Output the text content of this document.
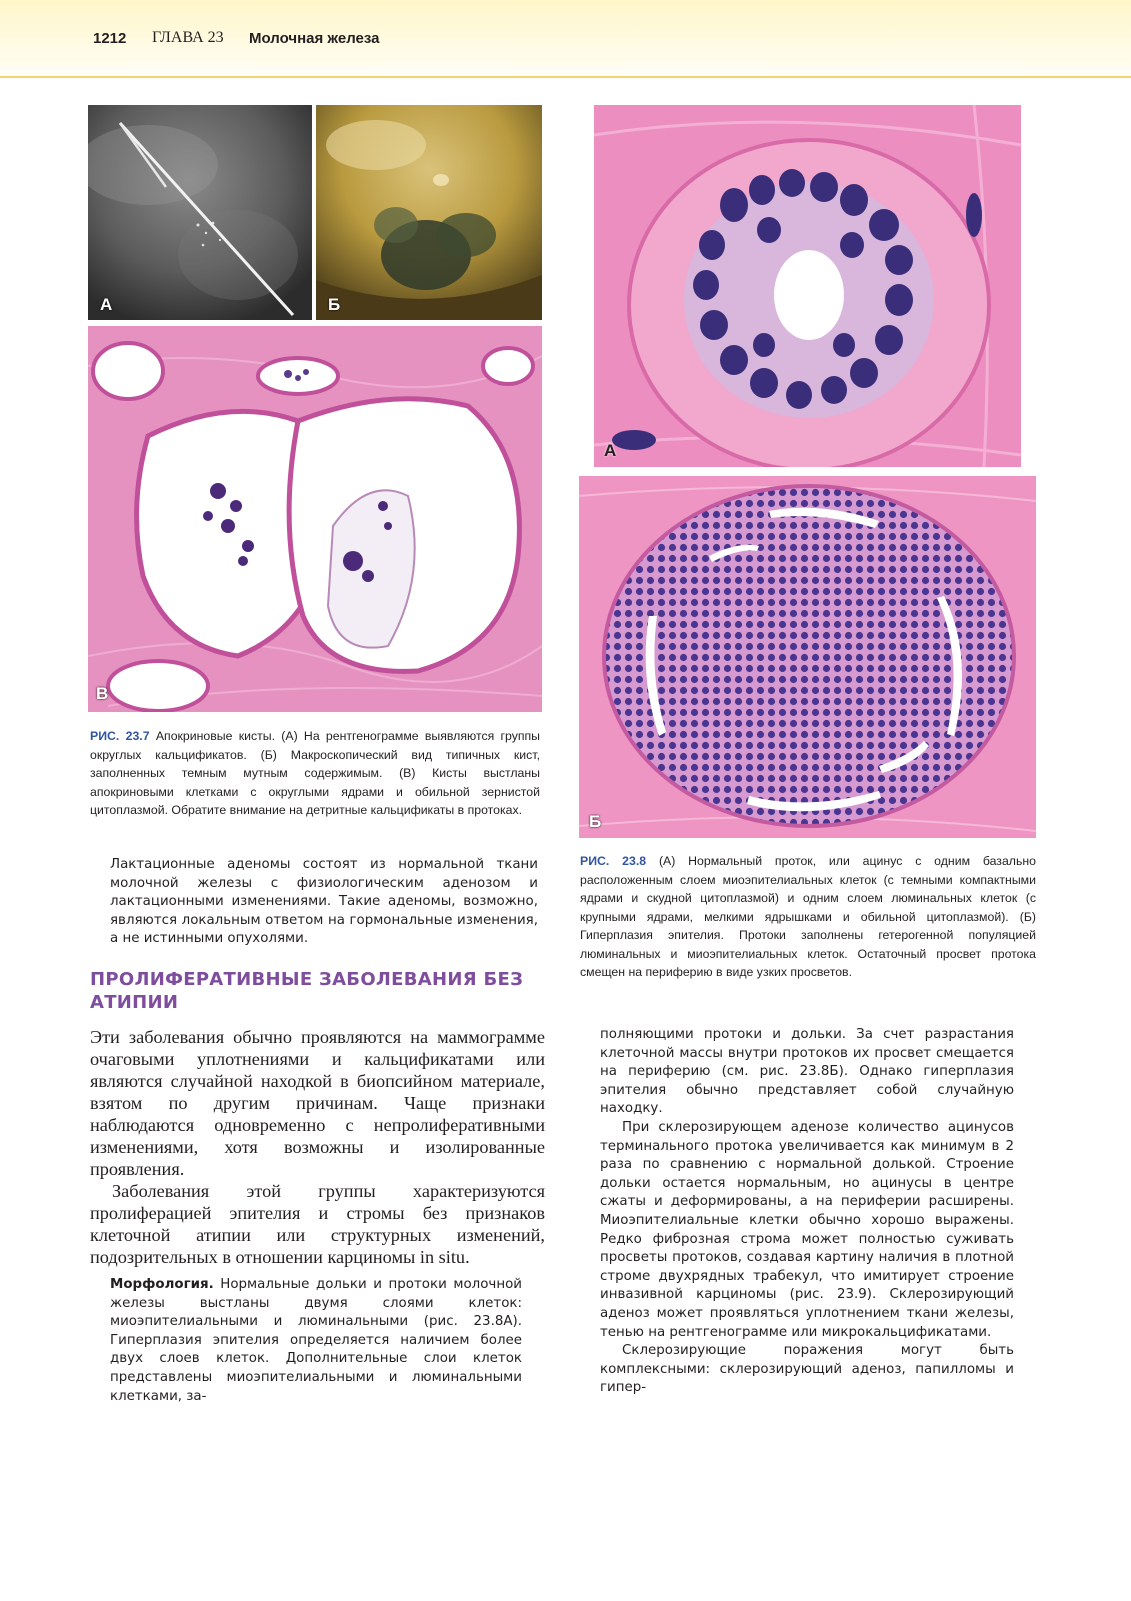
1212 ГЛАВА 23 Молочная железа
А	Б
В
РИС. 23.7 Апокриновые кисты. (А) На рентгенограмме выявляются группы округлых кальцификатов. (Б) Макроскопический вид типичных кист, заполненных темным мутным содержимым. (В) Кисты выстланы апокриновыми клетками с округлыми ядрами и обильной зернистой цитоплазмой. Обратите внимание на детритные кальцификаты в протоках.
А
Б
РИС. 23.8 (А) Нормальный проток, или ацинус с одним базально расположенным слоем миоэпителиальных клеток (с темными компактными ядрами и скудной цитоплазмой) и одним слоем люминальных клеток (с крупными ядрами, мелкими ядрышками и обильной цитоплазмой). (Б) Гиперплазия эпителия. Протоки заполнены гетерогенной популяцией люминальных и миоэпителиальных клеток. Остаточный просвет протока смещен на периферию в виде узких просветов.

Лактационные аденомы состоят из нормальной ткани молочной железы с физиологическим аденозом и лактационными изменениями. Такие аденомы, возможно, являются локальным ответом на гормональные изменения, а не истинными опухолями.

ПРОЛИФЕРАТИВНЫЕ ЗАБОЛЕВАНИЯ БЕЗ АТИПИИ

Эти заболевания обычно проявляются на маммограмме очаговыми уплотнениями и кальцификатами или являются случайной находкой в биопсийном материале, взятом по другим причинам. Чаще признаки наблюдаются одновременно с непролиферативными изменениями, хотя возможны и изолированные проявления.

Заболевания этой группы характеризуются пролиферацией эпителия и стромы без признаков клеточной атипии или структурных изменений, подозрительных в отношении карциномы in situ.

Морфология. Нормальные дольки и протоки молочной железы выстланы двумя слоями клеток: миоэпителиальными и люминальными (рис. 23.8А). Гиперплазия эпителия определяется наличием более двух слоев клеток. Дополнительные слои клеток представлены миоэпителиальными и люминальными клетками, за-

полняющими протоки и дольки. За счет разрастания клеточной массы внутри протоков их просвет смещается на периферию (см. рис. 23.8Б). Однако гиперплазия эпителия обычно представляет собой случайную находку.

При склерозирующем аденозе количество ацинусов терминального протока увеличивается как минимум в 2 раза по сравнению с нормальной долькой. Строение дольки остается нормальным, но ацинусы в центре сжаты и деформированы, а на периферии расширены. Миоэпителиальные клетки обычно хорошо выражены. Редко фиброзная строма может полностью суживать просветы протоков, создавая картину наличия в плотной строме двухрядных трабекул, что имитирует строение инвазивной карциномы (рис. 23.9). Склерозирующий аденоз может проявляться уплотнением ткани железы, тенью на рентгенограмме или микрокальцификатами.

Склерозирующие поражения могут быть комплексными: склерозирующий аденоз, папилломы и гипер-
